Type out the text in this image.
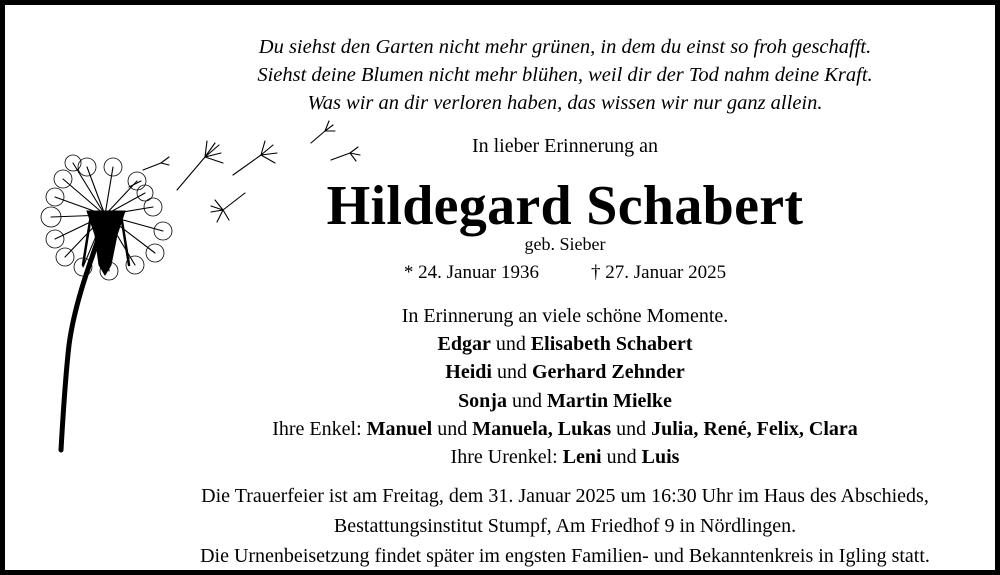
Du siehst den Garten nicht mehr grünen, in dem du einst so froh geschafft.
Siehst deine Blumen nicht mehr blühen, weil dir der Tod nahm deine Kraft.
Was wir an dir verloren haben, das wissen wir nur ganz allein.
In lieber Erinnerung an
Hildegard Schabert
geb. Sieber
* 24. Januar 1936	† 27. Januar 2025
In Erinnerung an viele schöne Momente.
Edgar und Elisabeth Schabert
Heidi und Gerhard Zehnder
Sonja und Martin Mielke
Ihre Enkel: Manuel und Manuela, Lukas und Julia, René, Felix, Clara
Ihre Urenkel: Leni und Luis
Die Trauerfeier ist am Freitag, dem 31. Januar 2025 um 16:30 Uhr im Haus des Abschieds,
Bestattungsinstitut Stumpf, Am Friedhof 9 in Nördlingen.
Die Urnenbeisetzung findet später im engsten Familien- und Bekanntenkreis in Igling statt.
